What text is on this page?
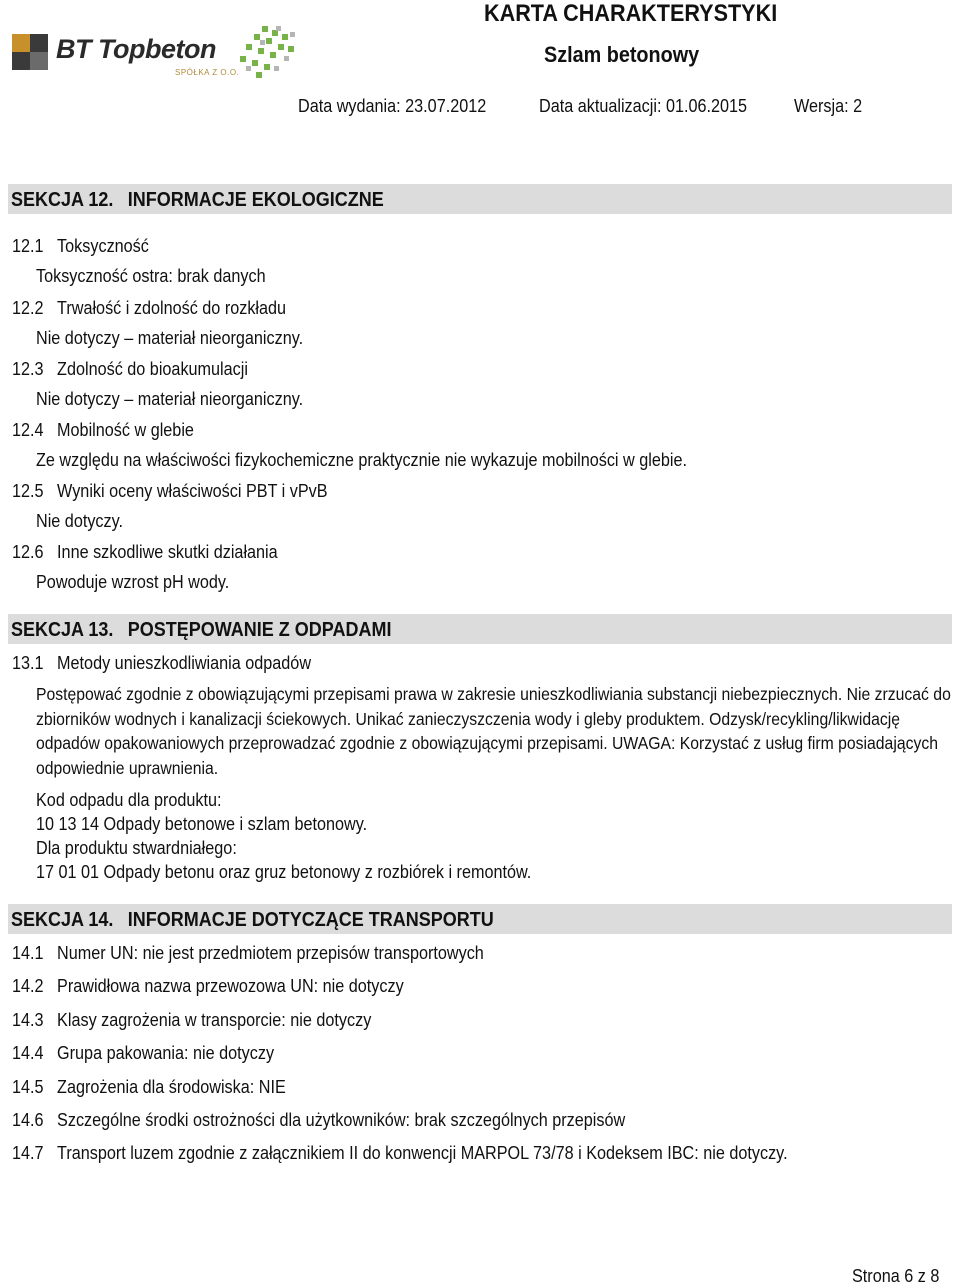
BT Topbeton
SPÓŁKA Z O.O.
KARTA CHARAKTERYSTYKI
Szlam betonowy
Data wydania: 23.07.2012	Data aktualizacji: 01.06.2015	Wersja: 2
SEKCJA 12. INFORMACJE EKOLOGICZNE
12.1 Toksyczność
Toksyczność ostra: brak danych
12.2 Trwałość i zdolność do rozkładu
Nie dotyczy – materiał nieorganiczny.
12.3 Zdolność do bioakumulacji
Nie dotyczy – materiał nieorganiczny.
12.4 Mobilność w glebie
Ze względu na właściwości fizykochemiczne praktycznie nie wykazuje mobilności w glebie.
12.5 Wyniki oceny właściwości PBT i vPvB
Nie dotyczy.
12.6 Inne szkodliwe skutki działania
Powoduje wzrost pH wody.
SEKCJA 13. POSTĘPOWANIE Z ODPADAMI
13.1 Metody unieszkodliwiania odpadów
Postępować zgodnie z obowiązującymi przepisami prawa w zakresie unieszkodliwiania substancji niebezpiecznych. Nie zrzucać do zbiorników wodnych i kanalizacji ściekowych. Unikać zanieczyszczenia wody i gleby produktem. Odzysk/recykling/likwidację odpadów opakowaniowych przeprowadzać zgodnie z obowiązującymi przepisami. UWAGA: Korzystać z usług firm posiadających odpowiednie uprawnienia.
Kod odpadu dla produktu:
10 13 14 Odpady betonowe i szlam betonowy.
Dla produktu stwardniałego:
17 01 01 Odpady betonu oraz gruz betonowy z rozbiórek i remontów.
SEKCJA 14. INFORMACJE DOTYCZĄCE TRANSPORTU
14.1 Numer UN: nie jest przedmiotem przepisów transportowych
14.2 Prawidłowa nazwa przewozowa UN: nie dotyczy
14.3 Klasy zagrożenia w transporcie: nie dotyczy
14.4 Grupa pakowania: nie dotyczy
14.5 Zagrożenia dla środowiska: NIE
14.6 Szczególne środki ostrożności dla użytkowników: brak szczególnych przepisów
14.7 Transport luzem zgodnie z załącznikiem II do konwencji MARPOL 73/78 i Kodeksem IBC: nie dotyczy.
Strona 6 z 8
